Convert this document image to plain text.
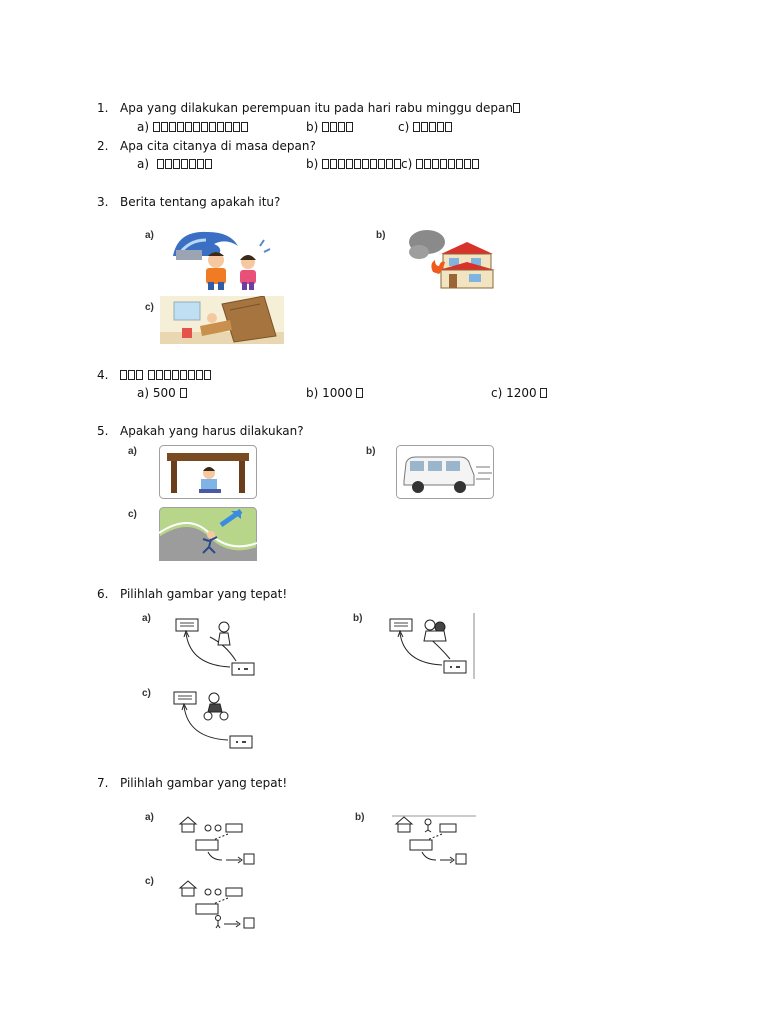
1. Apa yang dilakukan perempuan itu pada hari rabu minggu depan
a)	b)	c)
2. Apa cita citanya di masa depan?
a)	b)	c)
3. Berita tentang apakah itu?
a)	b)
c)
4.

a) 500	b) 1000	c) 1200
5. Apakah yang harus dilakukan?
a)	b)
c)
6. Pilihlah gambar yang tepat!
a)	b)
c)
7. Pilihlah gambar yang tepat!
a)	b)
c)
